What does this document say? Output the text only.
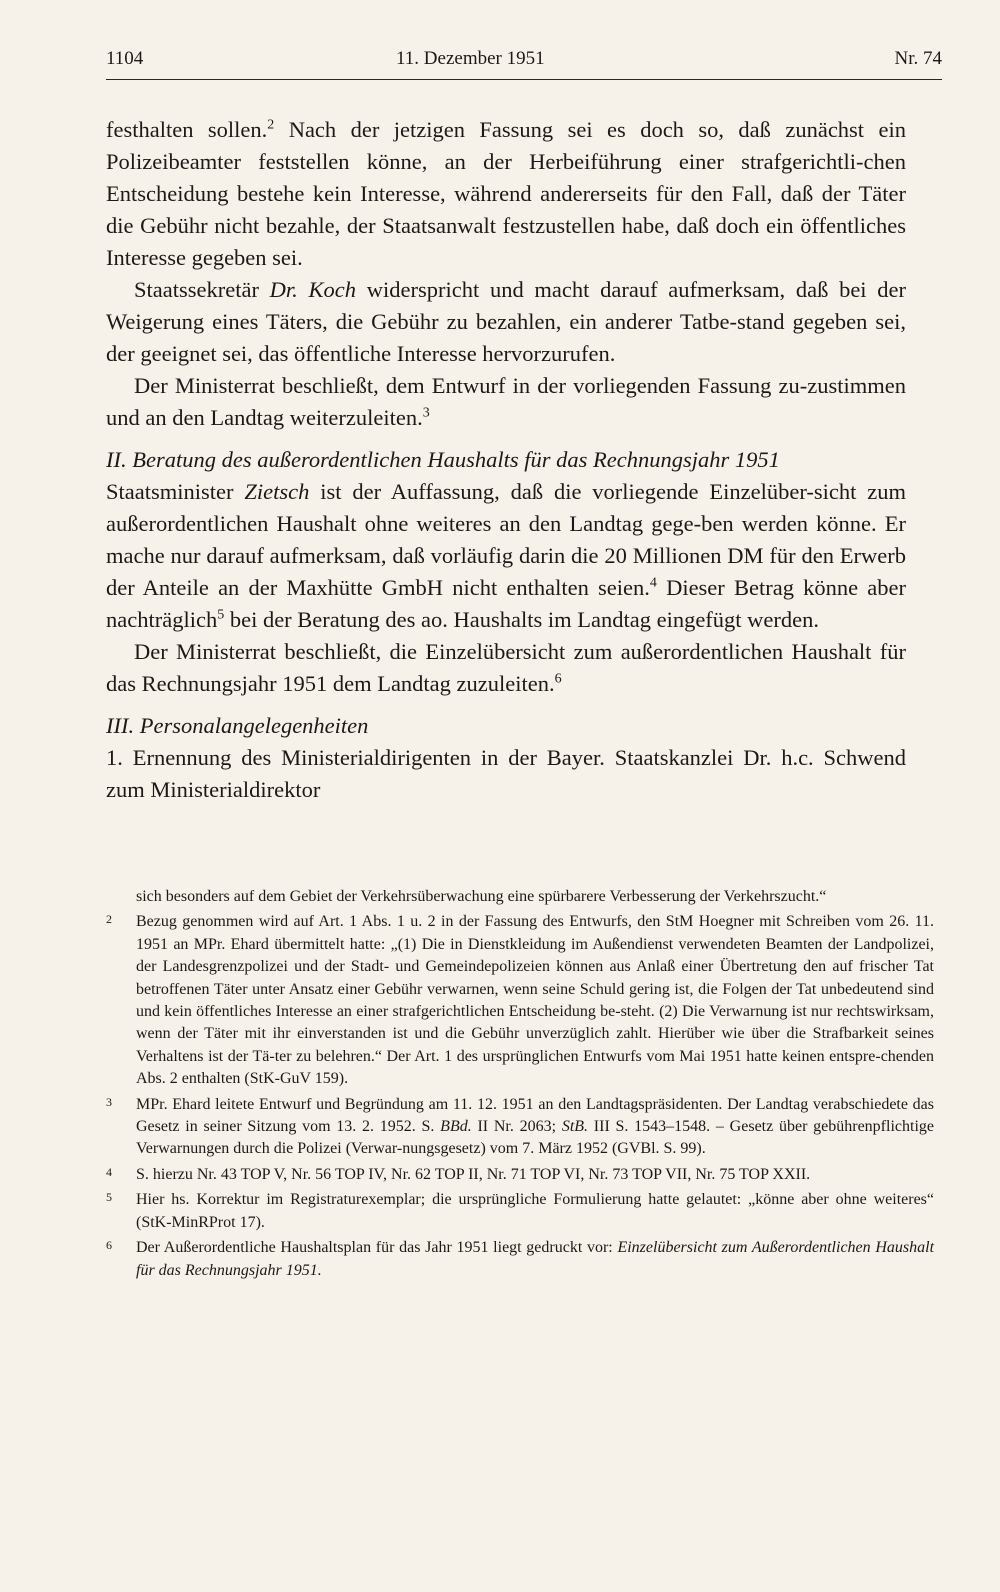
1104	11. Dezember 1951	Nr. 74

festhalten sollen.$^2$ Nach der jetzigen Fassung sei es doch so, daß zunächst ein Polizeibeamter feststellen könne, an der Herbeiführung einer strafgerichtli-chen Entscheidung bestehe kein Interesse, während andererseits für den Fall, daß der Täter die Gebühr nicht bezahle, der Staatsanwalt festzustellen habe, daß doch ein öffentliches Interesse gegeben sei.

Staatssekretär Dr. Koch widerspricht und macht darauf aufmerksam, daß bei der Weigerung eines Täters, die Gebühr zu bezahlen, ein anderer Tatbe-stand gegeben sei, der geeignet sei, das öffentliche Interesse hervorzurufen.

Der Ministerrat beschließt, dem Entwurf in der vorliegenden Fassung zu-zustimmen und an den Landtag weiterzuleiten.$^3$

II. Beratung des außerordentlichen Haushalts für das Rechnungsjahr 1951

Staatsminister Zietsch ist der Auffassung, daß die vorliegende Einzelüber-sicht zum außerordentlichen Haushalt ohne weiteres an den Landtag gege-ben werden könne. Er mache nur darauf aufmerksam, daß vorläufig darin die 20 Millionen DM für den Erwerb der Anteile an der Maxhütte GmbH nicht enthalten seien.$^4$ Dieser Betrag könne aber nachträglich$^5$ bei der Beratung des ao. Haushalts im Landtag eingefügt werden.

Der Ministerrat beschließt, die Einzelübersicht zum außerordentlichen Haushalt für das Rechnungsjahr 1951 dem Landtag zuzuleiten.$^6$

III. Personalangelegenheiten

1. Ernennung des Ministerialdirigenten in der Bayer. Staatskanzlei Dr. h.c. Schwend zum Ministerialdirektor

sich besonders auf dem Gebiet der Verkehrsüberwachung eine spürbarere Verbesserung der Verkehrszucht.“
2 Bezug genommen wird auf Art. 1 Abs. 1 u. 2 in der Fassung des Entwurfs, den StM Hoegner mit Schreiben vom 26. 11. 1951 an MPr. Ehard übermittelt hatte: „(1) Die in Dienstkleidung im Außendienst verwendeten Beamten der Landpolizei, der Landesgrenzpolizei und der Stadt- und Gemeindepolizeien können aus Anlaß einer Übertretung den auf frischer Tat betroffenen Täter unter Ansatz einer Gebühr verwarnen, wenn seine Schuld gering ist, die Folgen der Tat unbedeutend sind und kein öffentliches Interesse an einer strafgerichtlichen Entscheidung be-steht. (2) Die Verwarnung ist nur rechtswirksam, wenn der Täter mit ihr einverstanden ist und die Gebühr unverzüglich zahlt. Hierüber wie über die Strafbarkeit seines Verhaltens ist der Tä-ter zu belehren.“ Der Art. 1 des ursprünglichen Entwurfs vom Mai 1951 hatte keinen entspre-chenden Abs. 2 enthalten (StK-GuV 159).
3 MPr. Ehard leitete Entwurf und Begründung am 11. 12. 1951 an den Landtagspräsidenten. Der Landtag verabschiedete das Gesetz in seiner Sitzung vom 13. 2. 1952. S. BBd. II Nr. 2063; StB. III S. 1543–1548. – Gesetz über gebührenpflichtige Verwarnungen durch die Polizei (Verwar-nungsgesetz) vom 7. März 1952 (GVBl. S. 99).
4 S. hierzu Nr. 43 TOP V, Nr. 56 TOP IV, Nr. 62 TOP II, Nr. 71 TOP VI, Nr. 73 TOP VII, Nr. 75 TOP XXII.
5 Hier hs. Korrektur im Registraturexemplar; die ursprüngliche Formulierung hatte gelautet: „könne aber ohne weiteres“ (StK-MinRProt 17).
6 Der Außerordentliche Haushaltsplan für das Jahr 1951 liegt gedruckt vor: Einzelübersicht zum Außerordentlichen Haushalt für das Rechnungsjahr 1951.
